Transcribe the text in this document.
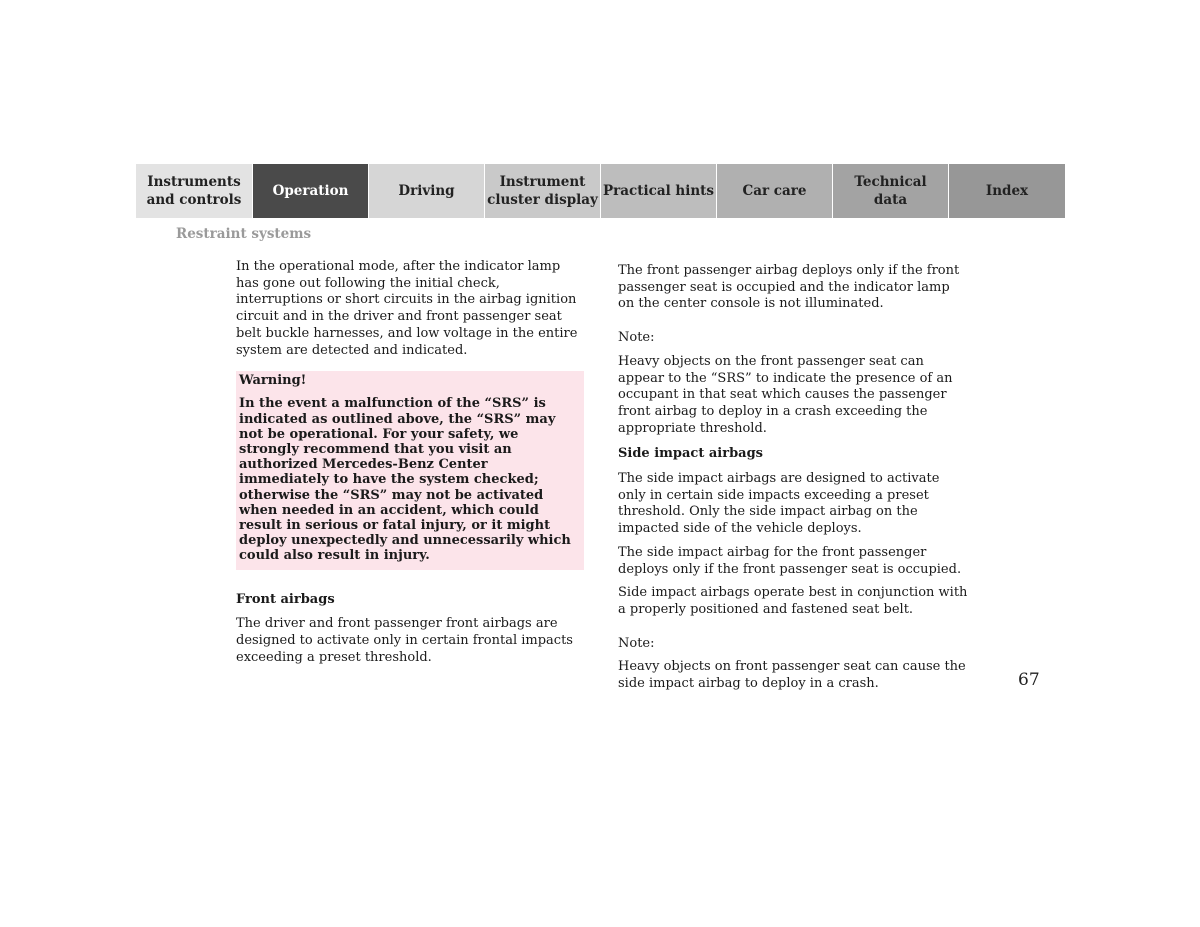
Instruments
and controls
Operation	Driving
Instrument
cluster display
Practical hints	Car care
Technical
data
Index
Restraint systems

In the operational mode, after the indicator lamp has gone out following the initial check, interruptions or short circuits in the airbag ignition circuit and in the driver and front passenger seat belt buckle harnesses, and low voltage in the entire system are detected and indicated.

Warning!
In the event a malfunction of the “SRS” is indicated as outlined above, the “SRS” may not be operational. For your safety, we strongly recommend that you visit an authorized Mercedes-Benz Center immediately to have the system checked; otherwise the “SRS” may not be activated when needed in an accident, which could result in serious or fatal injury, or it might deploy unexpectedly and unnecessarily which could also result in injury.

Front airbags

The driver and front passenger front airbags are designed to activate only in certain frontal impacts exceeding a preset threshold.

The front passenger airbag deploys only if the front passenger seat is occupied and the indicator lamp on the center console is not illuminated.

Note:

Heavy objects on the front passenger seat can appear to the “SRS” to indicate the presence of an occupant in that seat which causes the passenger front airbag to deploy in a crash exceeding the appropriate threshold.

Side impact airbags

The side impact airbags are designed to activate only in certain side impacts exceeding a preset threshold. Only the side impact airbag on the impacted side of the vehicle deploys.

The side impact airbag for the front passenger deploys only if the front passenger seat is occupied.

Side impact airbags operate best in conjunction with a properly positioned and fastened seat belt.

Note:

Heavy objects on front passenger seat can cause the side impact airbag to deploy in a crash.	67
